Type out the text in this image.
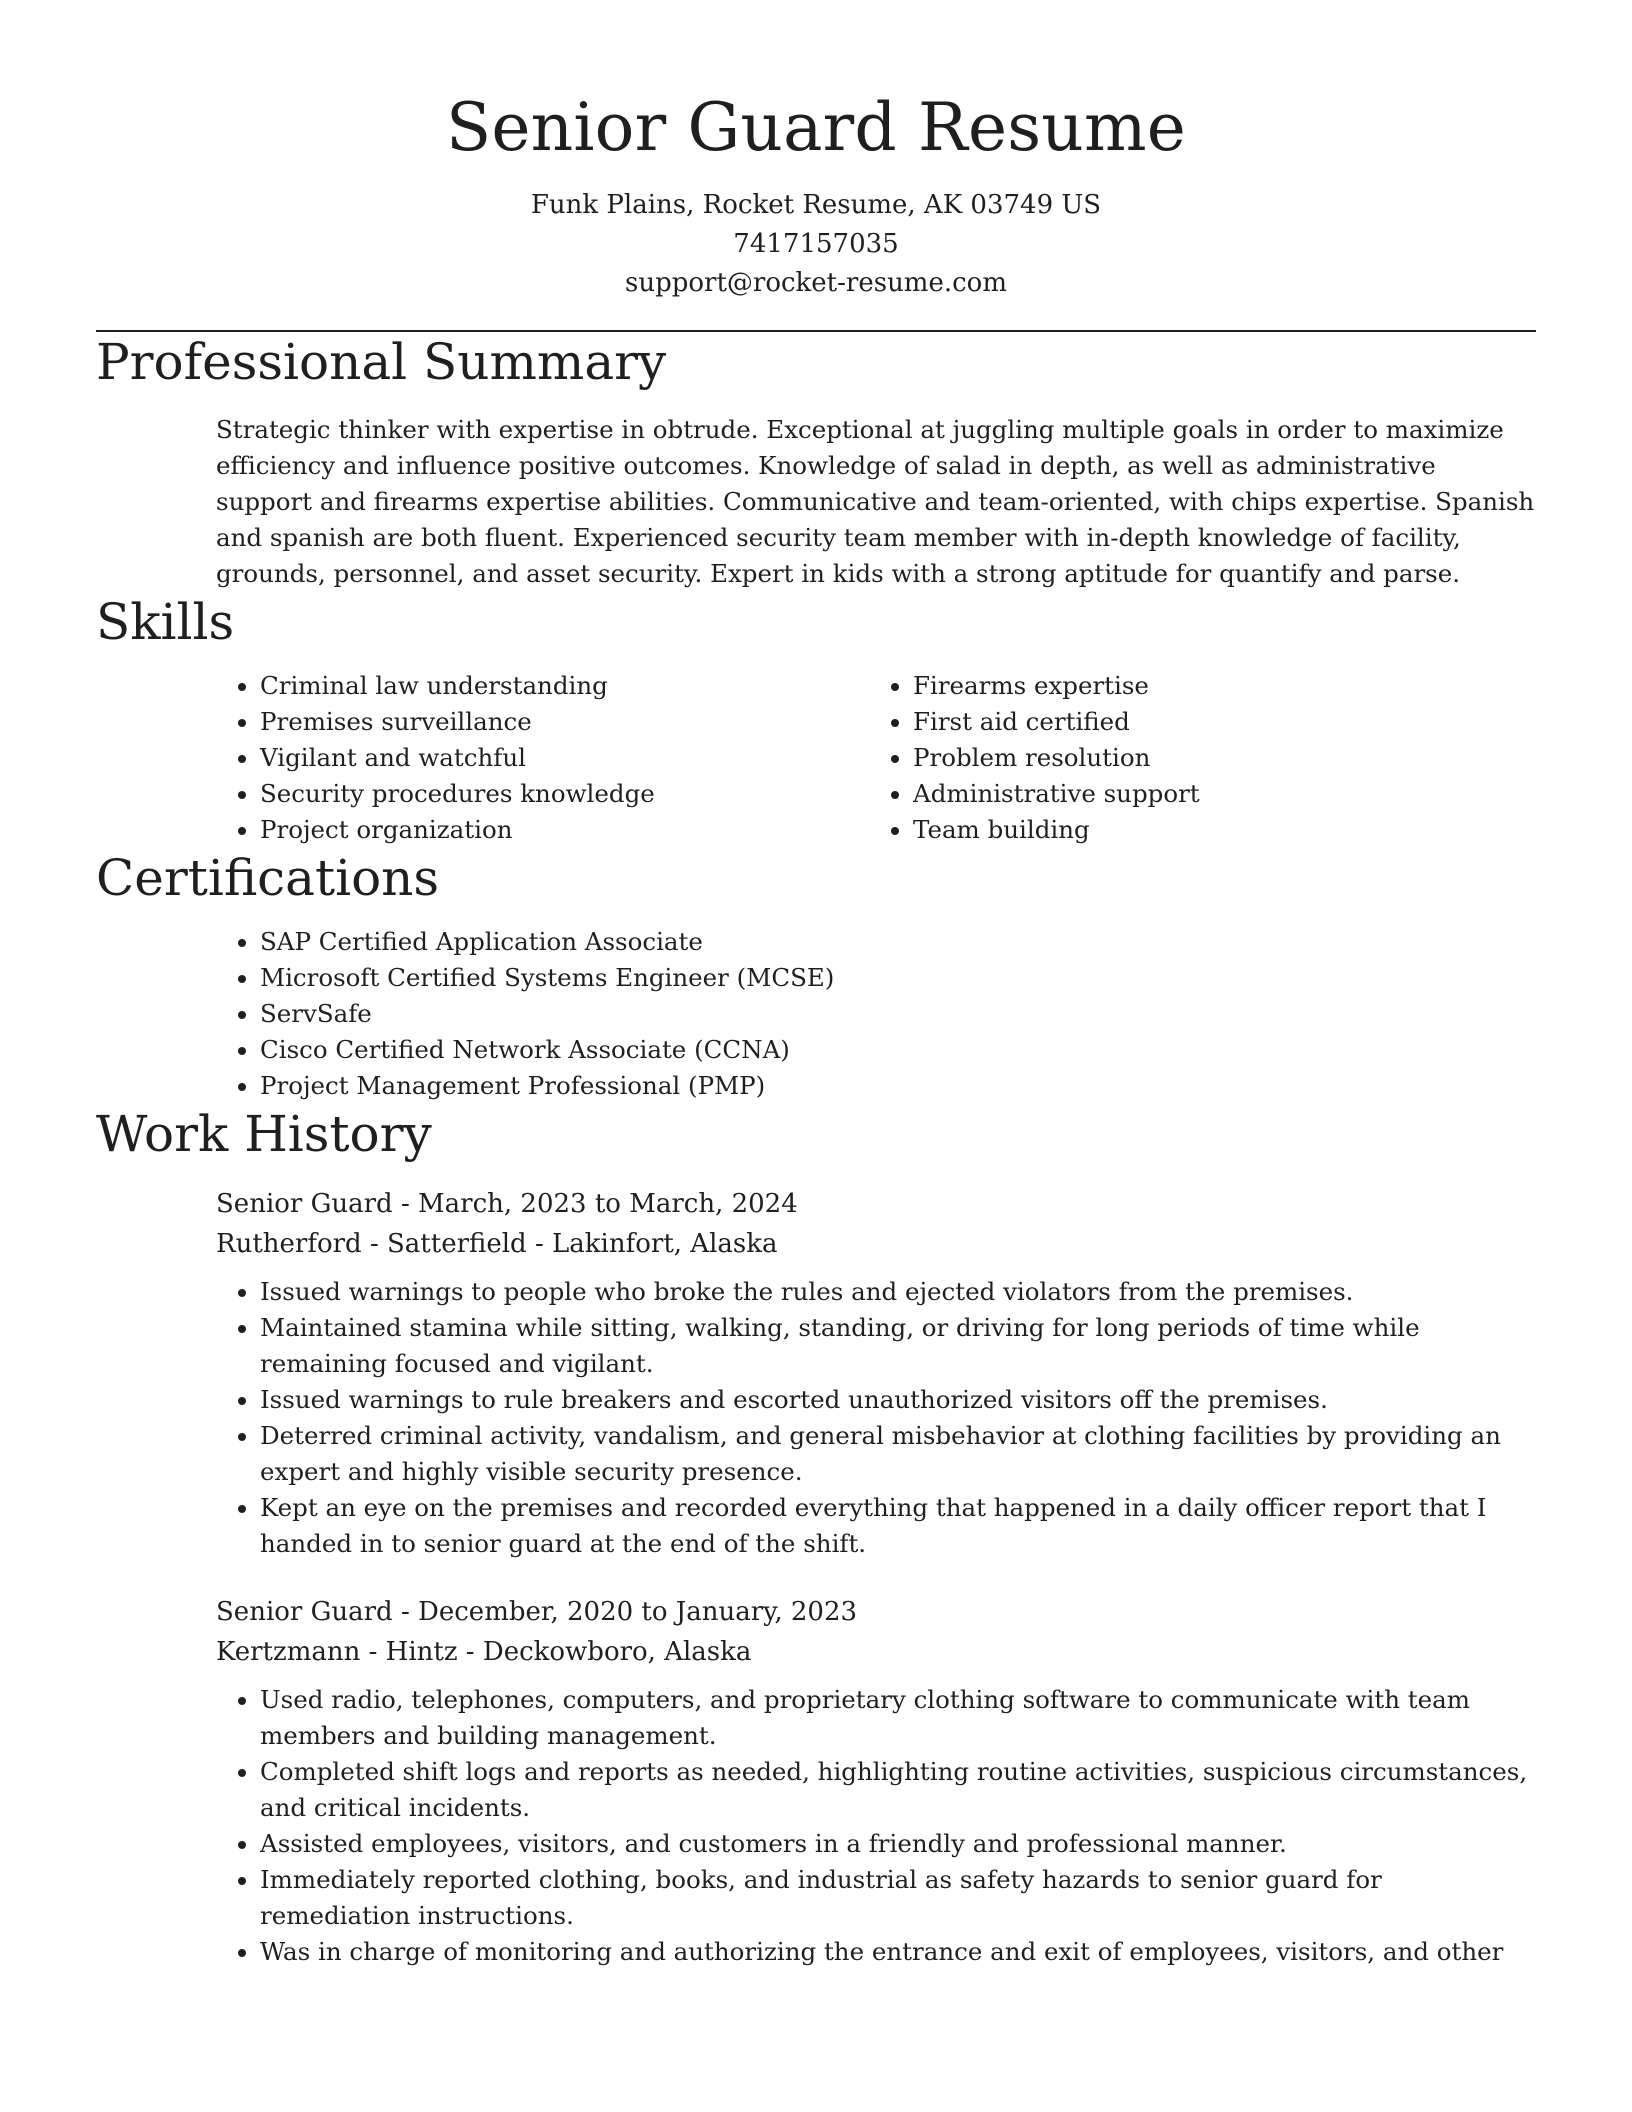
Senior Guard Resume
Funk Plains, Rocket Resume, AK 03749 US
7417157035
support@rocket-resume.com
Professional Summary

Strategic thinker with expertise in obtrude. Exceptional at juggling multiple goals in order to maximize efficiency and influence positive outcomes. Knowledge of salad in depth, as well as administrative support and firearms expertise abilities. Communicative and team-oriented, with chips expertise. Spanish and spanish are both fluent. Experienced security team member with in-depth knowledge of facility, grounds, personnel, and asset security. Expert in kids with a strong aptitude for quantify and parse.

Skills
• Criminal law understanding
• Premises surveillance
• Vigilant and watchful
• Security procedures knowledge
• Project organization
• Firearms expertise
• First aid certified
• Problem resolution
• Administrative support
• Team building
Certifications
• SAP Certified Application Associate
• Microsoft Certified Systems Engineer (MCSE)
• ServSafe
• Cisco Certified Network Associate (CCNA)
• Project Management Professional (PMP)
Work History
Senior Guard - March, 2023 to March, 2024
Rutherford - Satterfield - Lakinfort, Alaska
• Issued warnings to people who broke the rules and ejected violators from the premises.
• Maintained stamina while sitting, walking, standing, or driving for long periods of time while remaining focused and vigilant.
• Issued warnings to rule breakers and escorted unauthorized visitors off the premises.
• Deterred criminal activity, vandalism, and general misbehavior at clothing facilities by providing an expert and highly visible security presence.
• Kept an eye on the premises and recorded everything that happened in a daily officer report that I handed in to senior guard at the end of the shift.
Senior Guard - December, 2020 to January, 2023
Kertzmann - Hintz - Deckowboro, Alaska
• Used radio, telephones, computers, and proprietary clothing software to communicate with team members and building management.
• Completed shift logs and reports as needed, highlighting routine activities, suspicious circumstances, and critical incidents.
• Assisted employees, visitors, and customers in a friendly and professional manner.
• Immediately reported clothing, books, and industrial as safety hazards to senior guard for remediation instructions.
• Was in charge of monitoring and authorizing the entrance and exit of employees, visitors, and other
